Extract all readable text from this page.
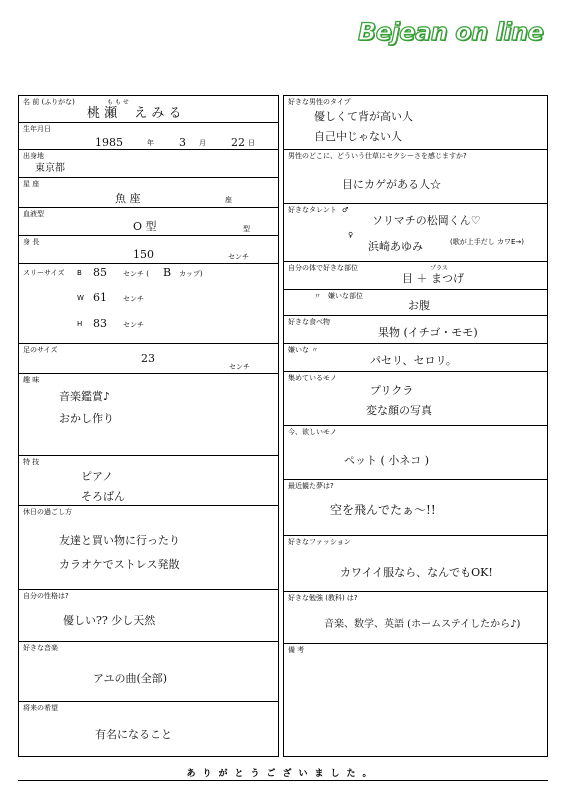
Bejean on line
名 前 (ふりがな)	も も せ
桃 瀬 　え み る
生年月日
1985	年 3 月 22 日
出身地
東京都
星 座
魚 座	座
血液型
O 型	型
身 長
150	センチ
スリーサイズ B 85 センチ ( B カップ)
W 61 センチ
H 83 センチ
足のサイズ
23
センチ
趣 味
音楽鑑賞♪
おかし作り
特 技
ピアノ
そろばん
休日の過ごし方
友達と買い物に行ったり
カラオケでストレス発散
自分の性格は?
優しい?? 少し天然
好きな音楽
アユの曲(全部)
将来の希望
有名になること
好きな男性のタイプ
優しくて背が高い人
自己中じゃない人
男性のどこに、どういう仕草にセクシーさを感じますか?
目にカゲがある人☆
好きなタレント ♂
ソリマチの松岡くん♡
♀
浜崎あゆみ	(歌が上手だし カワE→)
自分の体で好きな部位	プラス
目 ＋ まつげ
〃　嫌いな部位
お腹
好きな食べ物
果物 (イチゴ・モモ)
嫌いな 〃
パセリ、セロリ。
集めているモノ
プリクラ
変な顔の写真
今、欲しいモノ
ペット ( 小ネコ )
最近観た夢は?
空を飛んでたぁ〜!!
好きなファッション
カワイイ服なら、なんでもOK!
好きな勉強 (教科) は?
音楽、数学、英語 (ホームステイしたから♪)
備 考
ありがとうございました。
